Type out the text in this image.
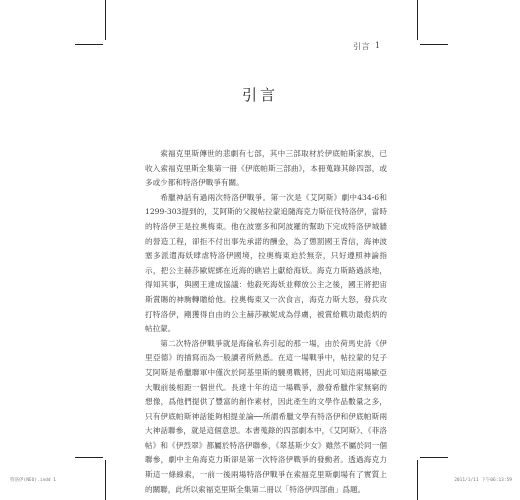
引言 1
引言

索福克里斯傳世的悲劇有七部，其中三部取材於伊底帕斯家族，已收入索福克里斯全集第一冊《伊底帕斯三部曲》，本冊蒐錄其餘四部，或多或少都和特洛伊戰爭有關。

希臘神話有過兩次特洛伊戰爭。第一次是《艾阿斯》劇中434-6和1299-303提到的，艾阿斯的父親帖拉蒙追隨海克力斯征伐特洛伊，當時的特洛伊王是拉奧梅東。他在波塞多和阿波羅的幫助下完成特洛伊城牆的營造工程，卻拒不付出事先承諾的酬金，為了懲罰國王背信，海神波塞多派遣海妖肆虐特洛伊國境，拉奧梅東迫於無奈，只好遵照神論指示，把公主赫莎歐妮綁在近海的礁岩上獻給海妖。海克力斯路過該地，得知其事，與國王達成協議：他殺死海妖並釋放公主之後，國王將把宙斯賞賜的神駒轉贈給他。拉奧梅東又一次食言，海克力斯大怒，發兵攻打特洛伊，剛獲得自由的公主赫莎歐妮成為俘虜，被賞給戰功最彪炳的帖拉蒙。

第二次特洛伊戰爭就是海倫私奔引起的那一場，由於荷馬史詩《伊里亞德》的描寫而為一般讀者所熟悉。在這一場戰爭中，帖拉蒙的兒子艾阿斯是希臘聯軍中僅次於阿基里斯的驍勇戰將，因此可知這兩場歐亞大戰前後相距一個世代。長達十年的這一場戰爭，激發希臘作家無窮的想像，爲他們提供了豐富的創作素材，因此產生的文學作品數量之多，只有伊底帕斯神話能夠相提並論──所謂希臘文學有特洛伊和伊底帕斯兩大神話聯參，就是這個意思。本書蒐錄的四部劇本中，《艾阿斯》、《菲洛帖》和《伊烈翠》都屬於特洛伊聯參，《翠基斯少女》雖然不屬於同一個聯參，劇中主角海克力斯卻是第一次特洛伊戰爭的發動者。透過海克力斯這一條線索，一前一後兩場特洛伊戰爭在索福克里斯劇場有了實質上的關聯，此所以索福克里斯全集第二冊以「特洛伊四部曲」爲題。

特洛伊(NEO).indd 1	2011/1/11 下午06:13:59
